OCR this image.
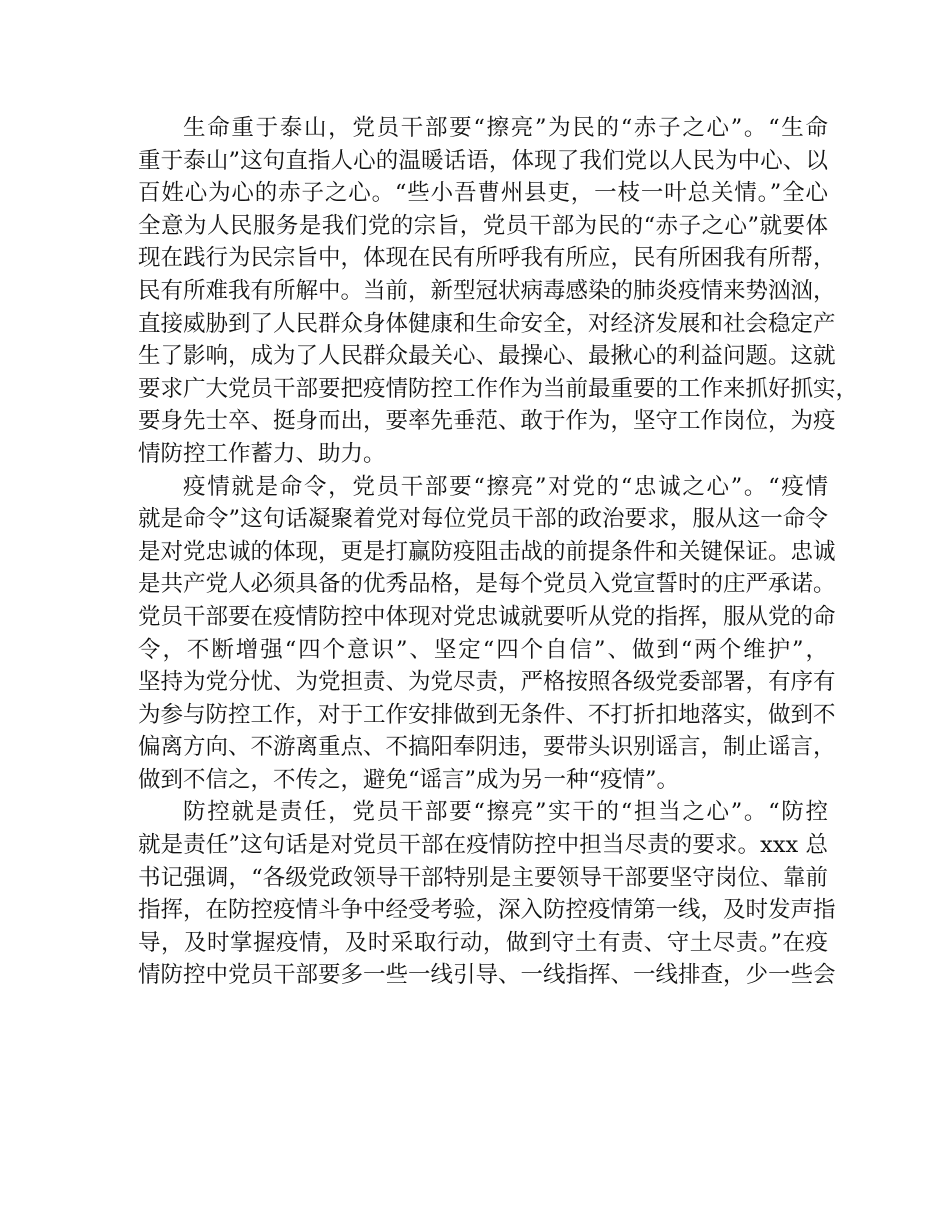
生命重于泰山，党员干部要“擦亮”为民的“赤子之心”。“生命
重于泰山”这句直指人心的温暖话语，体现了我们党以人民为中心、以
百姓心为心的赤子之心。“些小吾曹州县吏，一枝一叶总关情。”全心
全意为人民服务是我们党的宗旨，党员干部为民的“赤子之心”就要体
现在践行为民宗旨中，体现在民有所呼我有所应，民有所困我有所帮，
民有所难我有所解中。当前，新型冠状病毒感染的肺炎疫情来势汹汹，
直接威胁到了人民群众身体健康和生命安全，对经济发展和社会稳定产
生了影响，成为了人民群众最关心、最操心、最揪心的利益问题。这就
要求广大党员干部要把疫情防控工作作为当前最重要的工作来抓好抓实，
要身先士卒、挺身而出，要率先垂范、敢于作为，坚守工作岗位，为疫
情防控工作蓄力、助力。

疫情就是命令，党员干部要“擦亮”对党的“忠诚之心”。“疫情
就是命令”这句话凝聚着党对每位党员干部的政治要求，服从这一命令
是对党忠诚的体现，更是打赢防疫阻击战的前提条件和关键保证。忠诚
是共产党人必须具备的优秀品格，是每个党员入党宣誓时的庄严承诺。
党员干部要在疫情防控中体现对党忠诚就要听从党的指挥，服从党的命
令，不断增强“四个意识”、坚定“四个自信”、做到“两个维护”，
坚持为党分忧、为党担责、为党尽责，严格按照各级党委部署，有序有
为参与防控工作，对于工作安排做到无条件、不打折扣地落实，做到不
偏离方向、不游离重点、不搞阳奉阴违，要带头识别谣言，制止谣言，
做到不信之，不传之，避免“谣言”成为另一种“疫情”。

防控就是责任，党员干部要“擦亮”实干的“担当之心”。“防控
就是责任”这句话是对党员干部在疫情防控中担当尽责的要求。xxx 总
书记强调，“各级党政领导干部特别是主要领导干部要坚守岗位、靠前
指挥，在防控疫情斗争中经受考验，深入防控疫情第一线，及时发声指
导，及时掌握疫情，及时采取行动，做到守土有责、守土尽责。”在疫
情防控中党员干部要多一些一线引导、一线指挥、一线排查，少一些会
